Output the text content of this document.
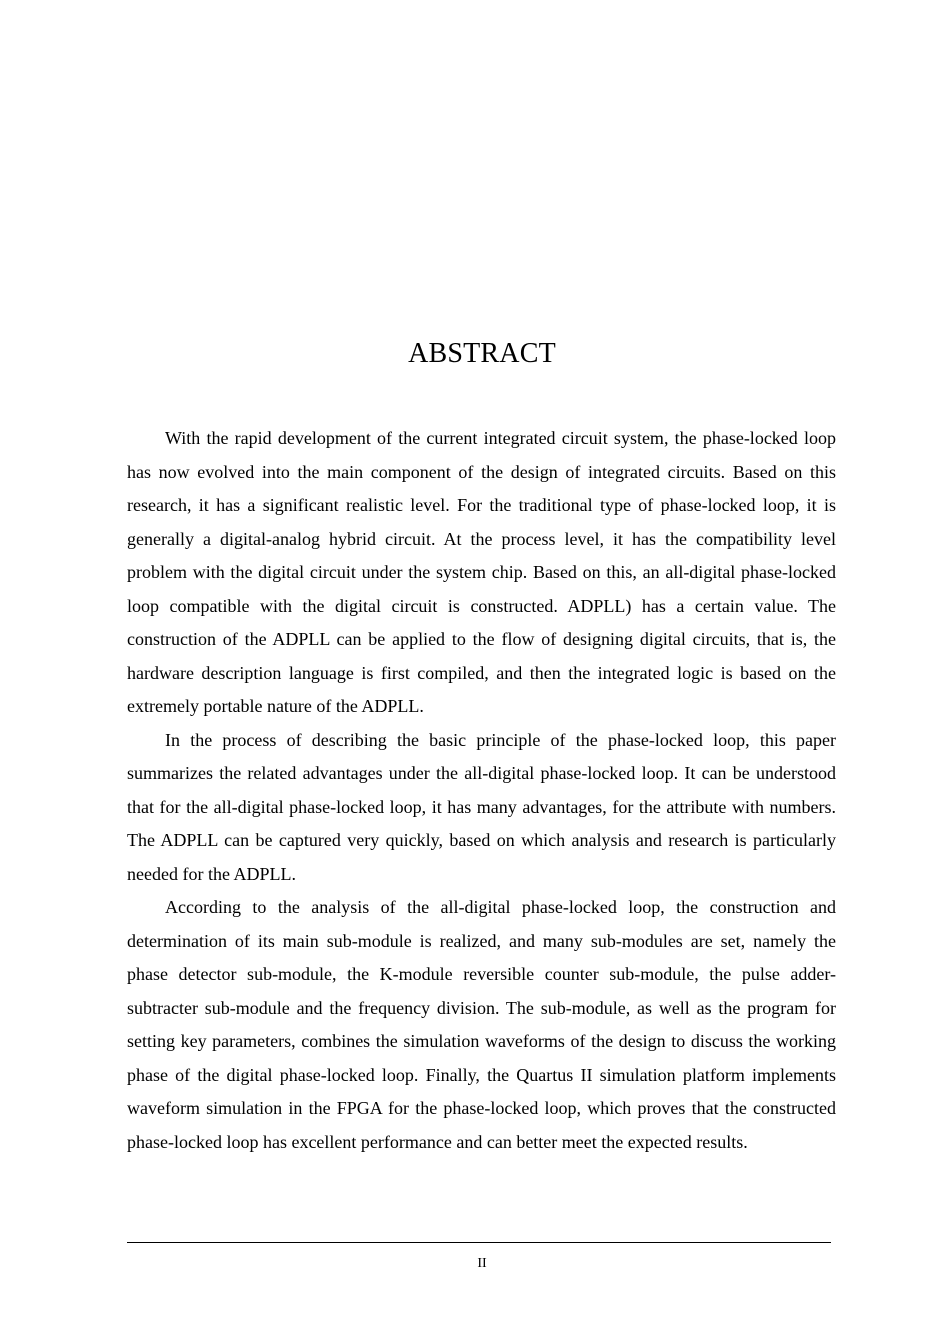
ABSTRACT

With the rapid development of the current integrated circuit system, the phase-locked loop has now evolved into the main component of the design of integrated circuits. Based on this research, it has a significant realistic level. For the traditional type of phase-locked loop, it is generally a digital-analog hybrid circuit. At the process level, it has the compatibility level problem with the digital circuit under the system chip. Based on this, an all-digital phase-locked loop compatible with the digital circuit is constructed. ADPLL) has a certain value. The construction of the ADPLL can be applied to the flow of designing digital circuits, that is, the hardware description language is first compiled, and then the integrated logic is based on the extremely portable nature of the ADPLL.

In the process of describing the basic principle of the phase-locked loop, this paper summarizes the related advantages under the all-digital phase-locked loop. It can be understood that for the all-digital phase-locked loop, it has many advantages, for the attribute with numbers. The ADPLL can be captured very quickly, based on which analysis and research is particularly needed for the ADPLL.

According to the analysis of the all-digital phase-locked loop, the construction and determination of its main sub-module is realized, and many sub-modules are set, namely the phase detector sub-module, the K-module reversible counter sub-module, the pulse adder-subtracter sub-module and the frequency division. The sub-module, as well as the program for setting key parameters, combines the simulation waveforms of the design to discuss the working phase of the digital phase-locked loop. Finally, the Quartus II simulation platform implements waveform simulation in the FPGA for the phase-locked loop, which proves that the constructed phase-locked loop has excellent performance and can better meet the expected results.

II
